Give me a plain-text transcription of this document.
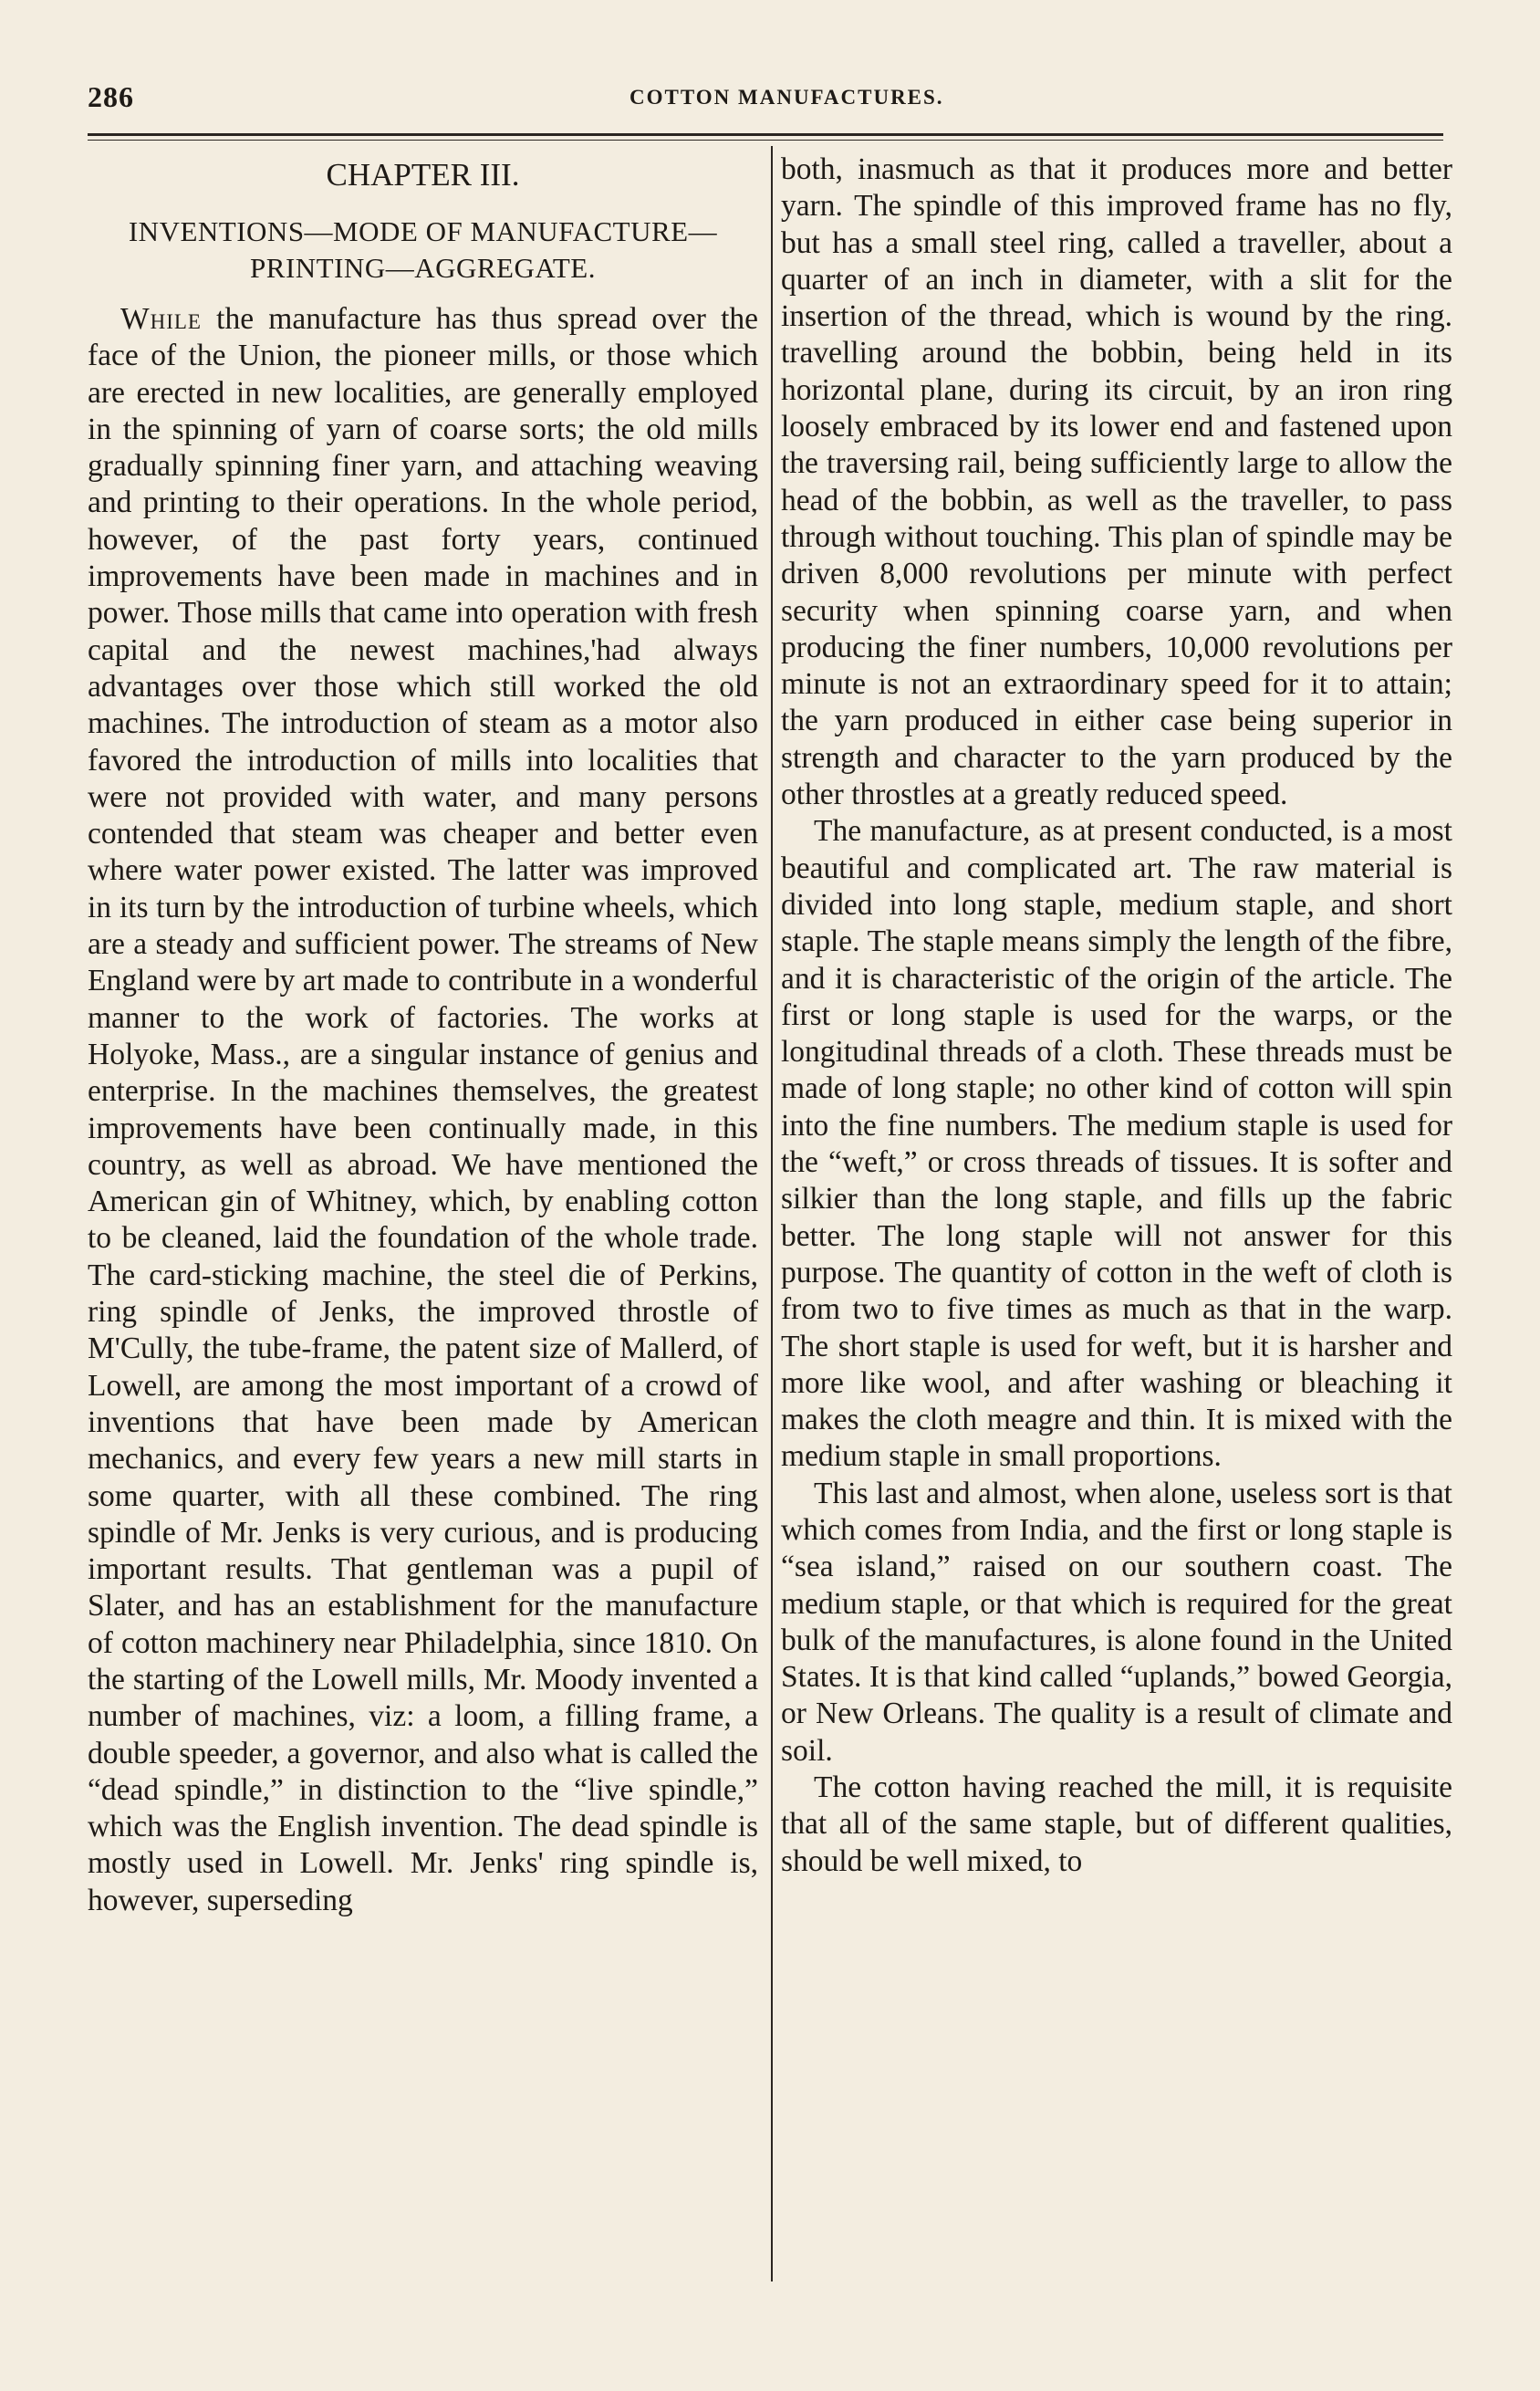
286	COTTON MANUFACTURES.
CHAPTER III.
INVENTIONS—MODE OF MANUFACTURE—
PRINTING—AGGREGATE.

While the manufacture has thus spread over the face of the Union, the pioneer mills, or those which are erected in new localities, are generally employed in the spinning of yarn of coarse sorts; the old mills gradually spinning finer yarn, and attaching weaving and printing to their operations. In the whole period, however, of the past forty years, continued improvements have been made in machines and in power. Those mills that came into operation with fresh capital and the newest machines,'had always advantages over those which still worked the old machines. The introduction of steam as a motor also favored the introduction of mills into localities that were not provided with water, and many persons contended that steam was cheaper and better even where water power existed. The latter was improved in its turn by the introduction of turbine wheels, which are a steady and sufficient power. The streams of New England were by art made to contribute in a wonderful manner to the work of factories. The works at Holyoke, Mass., are a singular instance of genius and enterprise. In the machines themselves, the greatest improvements have been continually made, in this country, as well as abroad. We have mentioned the American gin of Whitney, which, by enabling cotton to be cleaned, laid the foundation of the whole trade. The card-sticking machine, the steel die of Perkins, ring spindle of Jenks, the improved throstle of M'Cully, the tube-frame, the patent size of Mallerd, of Lowell, are among the most important of a crowd of inventions that have been made by American mechanics, and every few years a new mill starts in some quarter, with all these combined. The ring spindle of Mr. Jenks is very curious, and is producing important results. That gentleman was a pupil of Slater, and has an establishment for the manufacture of cotton machinery near Philadelphia, since 1810. On the starting of the Lowell mills, Mr. Moody invented a number of machines, viz: a loom, a filling frame, a double speeder, a governor, and also what is called the “dead spindle,” in distinction to the “live spindle,” which was the English invention. The dead spindle is mostly used in Lowell. Mr. Jenks' ring spindle is, however, superseding

both, inasmuch as that it produces more and better yarn. The spindle of this improved frame has no fly, but has a small steel ring, called a traveller, about a quarter of an inch in diameter, with a slit for the insertion of the thread, which is wound by the ring. travelling around the bobbin, being held in its horizontal plane, during its circuit, by an iron ring loosely embraced by its lower end and fastened upon the traversing rail, being sufficiently large to allow the head of the bobbin, as well as the traveller, to pass through without touching. This plan of spindle may be driven 8,000 revolutions per minute with perfect security when spinning coarse yarn, and when producing the finer numbers, 10,000 revolutions per minute is not an extraordinary speed for it to attain; the yarn produced in either case being superior in strength and character to the yarn produced by the other throstles at a greatly reduced speed.

The manufacture, as at present conducted, is a most beautiful and complicated art. The raw material is divided into long staple, medium staple, and short staple. The staple means simply the length of the fibre, and it is characteristic of the origin of the article. The first or long staple is used for the warps, or the longitudinal threads of a cloth. These threads must be made of long staple; no other kind of cotton will spin into the fine numbers. The medium staple is used for the “weft,” or cross threads of tissues. It is softer and silkier than the long staple, and fills up the fabric better. The long staple will not answer for this purpose. The quantity of cotton in the weft of cloth is from two to five times as much as that in the warp. The short staple is used for weft, but it is harsher and more like wool, and after washing or bleaching it makes the cloth meagre and thin. It is mixed with the medium staple in small proportions.

This last and almost, when alone, useless sort is that which comes from India, and the first or long staple is “sea island,” raised on our southern coast. The medium staple, or that which is required for the great bulk of the manufactures, is alone found in the United States. It is that kind called “uplands,” bowed Georgia, or New Orleans. The quality is a result of climate and soil.

The cotton having reached the mill, it is requisite that all of the same staple, but of different qualities, should be well mixed, to
